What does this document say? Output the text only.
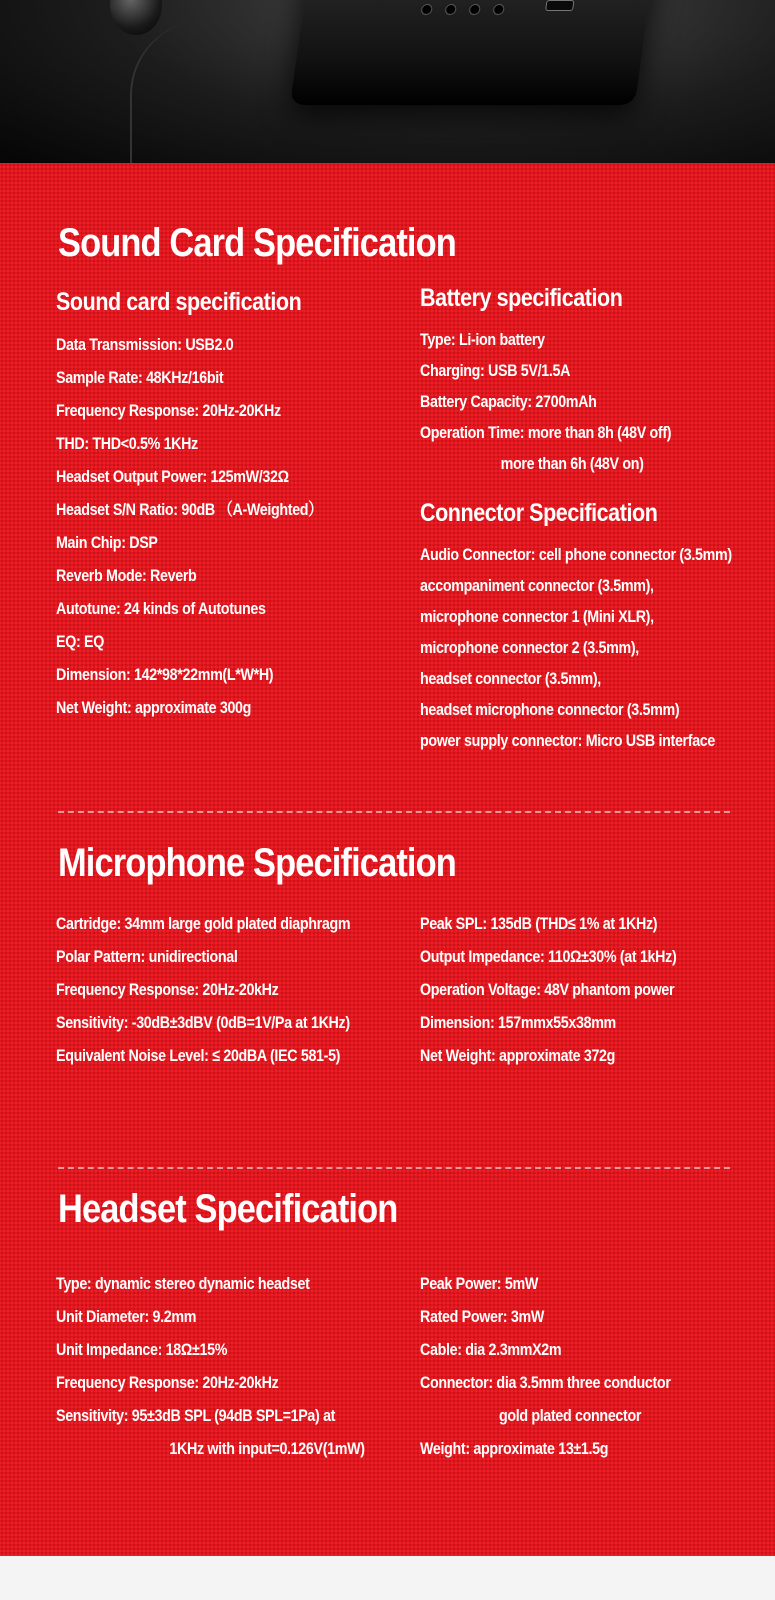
Sound Card Specification
Sound card specification
Data Transmission: USB2.0
Sample Rate: 48KHz/16bit
Frequency Response: 20Hz-20KHz
THD: THD<0.5% 1KHz
Headset Output Power: 125mW/32Ω
Headset S/N Ratio: 90dB （A-Weighted）
Main Chip: DSP
Reverb Mode: Reverb
Autotune: 24 kinds of Autotunes
EQ: EQ
Dimension: 142*98*22mm(L*W*H)
Net Weight: approximate 300g
Battery specification
Type: Li-ion battery
Charging: USB 5V/1.5A
Battery Capacity: 2700mAh
Operation Time: more than 8h (48V off)
more than 6h (48V on)
Connector Specification
Audio Connector: cell phone connector (3.5mm)
accompaniment connector (3.5mm),
microphone connector 1 (Mini XLR),
microphone connector 2 (3.5mm),
headset connector (3.5mm),
headset microphone connector (3.5mm)
power supply connector: Micro USB interface
Microphone Specification
Cartridge: 34mm large gold plated diaphragm
Polar Pattern: unidirectional
Frequency Response: 20Hz-20kHz
Sensitivity: -30dB±3dBV (0dB=1V/Pa at 1KHz)
Equivalent Noise Level: ≤ 20dBA (IEC 581-5)
Peak SPL: 135dB (THD≤ 1% at 1KHz)
Output Impedance: 110Ω±30% (at 1kHz)
Operation Voltage: 48V phantom power
Dimension: 157mmx55x38mm
Net Weight: approximate 372g
Headset Specification
Type: dynamic stereo dynamic headset
Unit Diameter: 9.2mm
Unit Impedance: 18Ω±15%
Frequency Response: 20Hz-20kHz
Sensitivity: 95±3dB SPL (94dB SPL=1Pa) at
1KHz with input=0.126V(1mW)
Peak Power: 5mW
Rated Power: 3mW
Cable: dia 2.3mmX2m
Connector: dia 3.5mm three conductor
gold plated connector
Weight: approximate 13±1.5g
